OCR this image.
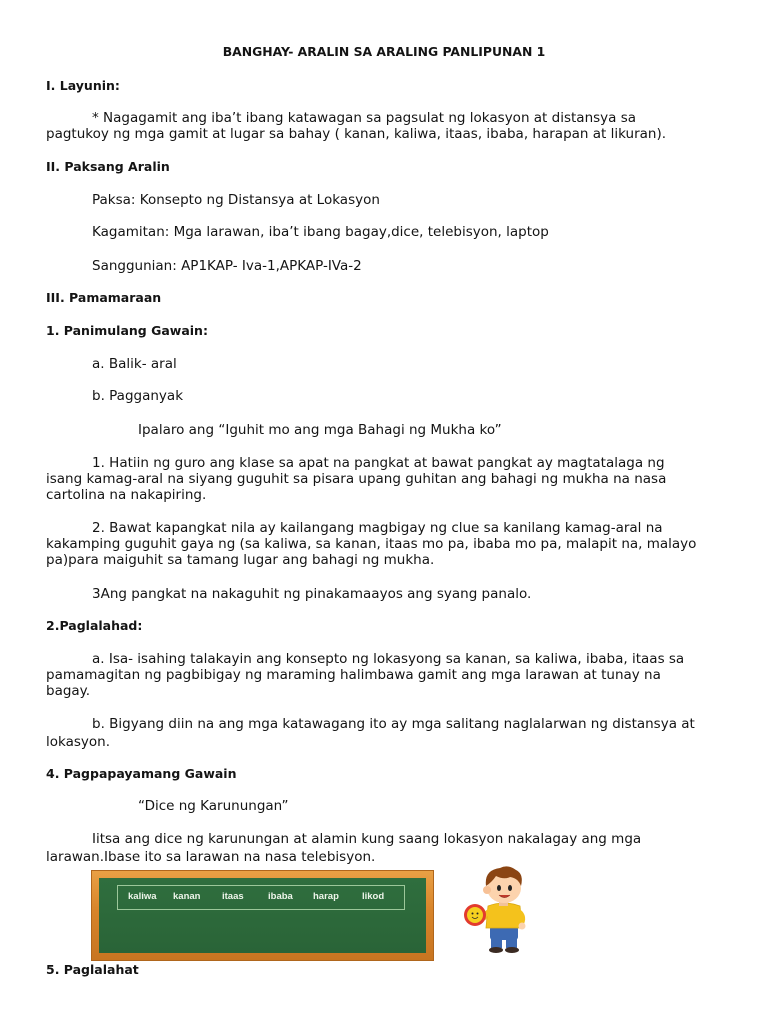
BANGHAY- ARALIN SA ARALING PANLIPUNAN 1
I. Layunin:
* Nagagamit ang iba’t ibang katawagan sa pagsulat ng lokasyon at distansya sa
pagtukoy ng mga gamit at lugar sa bahay ( kanan, kaliwa, itaas, ibaba, harapan at likuran).
II. Paksang Aralin
Paksa: Konsepto ng Distansya at Lokasyon
Kagamitan: Mga larawan, iba’t ibang bagay,dice, telebisyon, laptop
Sanggunian: AP1KAP- Iva-1,APKAP-IVa-2
III. Pamamaraan
1. Panimulang Gawain:
a. Balik- aral
b. Pagganyak
Ipalaro ang “Iguhit mo ang mga Bahagi ng Mukha ko”
1. Hatiin ng guro ang klase sa apat na pangkat at bawat pangkat ay magtatalaga ng
isang kamag-aral na siyang guguhit sa pisara upang guhitan ang bahagi ng mukha na nasa
cartolina na nakapiring.
2. Bawat kapangkat nila ay kailangang magbigay ng clue sa kanilang kamag-aral na
kakamping guguhit gaya ng (sa kaliwa, sa kanan, itaas mo pa, ibaba mo pa, malapit na, malayo
pa)para maiguhit sa tamang lugar ang bahagi ng mukha.
3Ang pangkat na nakaguhit ng pinakamaayos ang syang panalo.
2.Paglalahad:
a. Isa- isahing talakayin ang konsepto ng lokasyong sa kanan, sa kaliwa, ibaba, itaas sa
pamamagitan ng pagbibigay ng maraming halimbawa gamit ang mga larawan at tunay na
bagay.
b. Bigyang diin na ang mga katawagang ito ay mga salitang naglalarwan ng distansya at
lokasyon.
4. Pagpapayamang Gawain
“Dice ng Karunungan”
Iitsa ang dice ng karunungan at alamin kung saang lokasyon nakalagay ang mga
larawan.Ibase ito sa larawan na nasa telebisyon.
kaliwa kanan itaas	ibaba harap likod
5. Paglalahat
